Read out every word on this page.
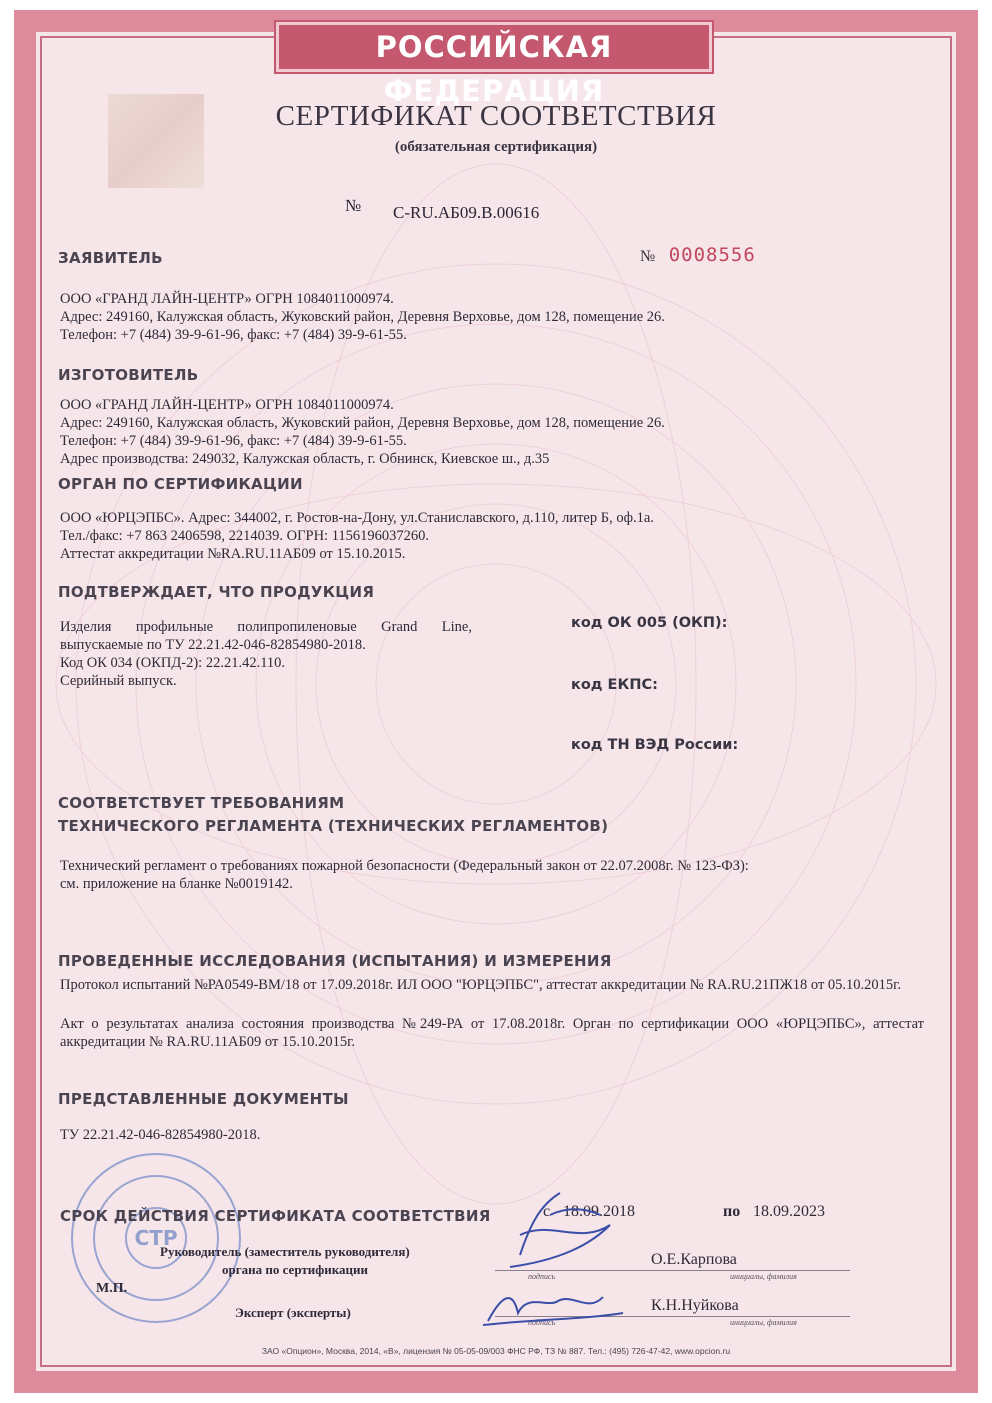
РОССИЙСКАЯ ФЕДЕРАЦИЯ
СЕРТИФИКАТ СООТВЕТСТВИЯ
(обязательная сертификация)
№ C-RU.АБ09.В.00616
№ 0008556
ЗАЯВИТЕЛЬ
ООО «ГРАНД ЛАЙН-ЦЕНТР» ОГРН 1084011000974.
Адрес: 249160, Калужская область, Жуковский район, Деревня Верховье, дом 128, помещение 26.
Телефон: +7 (484) 39-9-61-96, факс: +7 (484) 39-9-61-55.
ИЗГОТОВИТЕЛЬ
ООО «ГРАНД ЛАЙН-ЦЕНТР» ОГРН 1084011000974.
Адрес: 249160, Калужская область, Жуковский район, Деревня Верховье, дом 128, помещение 26.
Телефон: +7 (484) 39-9-61-96, факс: +7 (484) 39-9-61-55.
Адрес производства: 249032, Калужская область, г. Обнинск, Киевское ш., д.35
ОРГАН ПО СЕРТИФИКАЦИИ
ООО «ЮРЦЭПБС». Адрес: 344002, г. Ростов-на-Дону, ул.Станиславского, д.110, литер Б, оф.1а.
Тел./факс: +7 863 2406598, 2214039. ОГРН: 1156196037260.
Аттестат аккредитации №RA.RU.11АБ09 от 15.10.2015.
ПОДТВЕРЖДАЕТ, ЧТО ПРОДУКЦИЯ
Изделия профильные полипропиленовые Grand Line,
выпускаемые по ТУ 22.21.42-046-82854980-2018.
Код ОК 034 (ОКПД-2): 22.21.42.110.
Серийный выпуск.
код ОК 005 (ОКП):
код ЕКПС:
код ТН ВЭД России:
СООТВЕТСТВУЕТ ТРЕБОВАНИЯМ
ТЕХНИЧЕСКОГО РЕГЛАМЕНТА (ТЕХНИЧЕСКИХ РЕГЛАМЕНТОВ)
Технический регламент о требованиях пожарной безопасности (Федеральный закон от 22.07.2008г. № 123-ФЗ):
см. приложение на бланке №0019142.
ПРОВЕДЕННЫЕ ИССЛЕДОВАНИЯ (ИСПЫТАНИЯ) И ИЗМЕРЕНИЯ
Протокол испытаний №РА0549-ВМ/18 от 17.09.2018г. ИЛ ООО "ЮРЦЭПБС", аттестат аккредитации № RA.RU.21ПЖ18 от 05.10.2015г.
Акт о результатах анализа состояния производства №249-РА от 17.08.2018г. Орган по сертификации ООО «ЮРЦЭПБС», аттестат аккредитации № RA.RU.11АБ09 от 15.10.2015г.
ПРЕДСТАВЛЕННЫЕ ДОКУМЕНТЫ
ТУ 22.21.42-046-82854980-2018.
СТР
СРОК ДЕЙСТВИЯ СЕРТИФИКАТА СООТВЕТСТВИЯ	с 18.09.2018	по 18.09.2023
Руководитель (заместитель руководителя)
органа по сертификации
М.П.
О.Е.Карпова
подпись	инициалы, фамилия
Эксперт (эксперты)	К.Н.Нуйкова
подпись	инициалы, фамилия
ЗАО «Опцион», Москва, 2014, «В», лицензия № 05-05-09/003 ФНС РФ, ТЗ № 887. Тел.: (495) 726-47-42, www.opcion.ru
